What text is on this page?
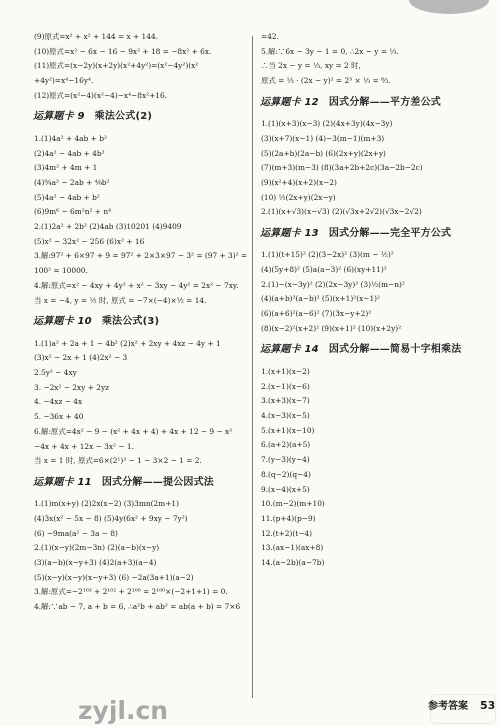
(9)原式=x² + x² + 144 = x + 144.
(10)原式=x² − 6x − 16 − 9x² + 18 = −8x² + 6x.
(11)原式=(x−2y)(x+2y)(x²+4y²)=(x²−4y²)(x²
+4y²)=x⁴−16y⁴.
(12)原式=(x²−4)(x²−4)−x⁴−8x²+16.
运算题卡 9 乘法公式(2)
1.(1)4a² + 4ab + b²
(2)4a² − 4ab + 4b²
(3)4m² + 4m + 1
(4)⁹⁄₄a² − 2ab + ⁴⁄₉b²
(5)4a² − 4ab + b²
(6)9m⁶ − 6m²n² + n⁴
2.(1)2a² + 2b² (2)4ab (3)10201 (4)9409
(5)x² − 32x² − 256 (6)x² + 16
3.解:97² + 6×97 + 9 = 97² + 2×3×97 − 3² = (97 + 3)² =
100² = 10000.
4.解:原式=x² − 4xy + 4y² + x² − 3xy − 4y² = 2x² − 7xy.
当 x = −4, y = ½ 时, 原式 = −7×(−4)×½ = 14.
运算题卡 10 乘法公式(3)
1.(1)a² + 2a + 1 − 4b² (2)x² + 2xy + 4xz − 4y + 1
(3)x² − 2x + 1 (4)2x² − 3
2.5y² − 4xy
3. −2x² − 2xy + 2yz
4. −4xz − 4x
5. −36x + 40
6.解:原式=4x² − 9 − (x² + 4x + 4) + 4x + 12 − 9 − x²
−4x + 4x + 12x − 3x² − 1.
当 x = 1 时, 原式=6×(2¹)² − 1 − 3×2 − 1 = 2.
运算题卡 11 因式分解——提公因式法
1.(1)m(x+y) (2)2x(x−2) (3)3mn(2m+1)
(4)3x(x² − 5x − 8) (5)4y(6x² + 9xy − 7y²)
(6) −9ma(a² − 3a − 8)
2.(1)(x−y)(2m−3n) (2)(a−b)(x−y)
(3)(a−b)(x−y+3) (4)2(a+3)(a−4)
(5)(x−y)(x−y)(x−y+3) (6) −2a(3a+1)(a−2)
3.解:原式=−2¹⁰³ + 2¹⁰² + 2¹⁰⁰ = 2¹⁰⁰×(−2+1+1) = 0.
4.解:∵ab − 7, a + b = 6, ∴a²b + ab² = ab(a + b) = 7×6
=42.
5.解:∵6x − 3y − 1 = 0, ∴2x − y = ⅓.
∴当 2x − y = ⅓, xy = 2 时,
原式 = ⅓ · (2x − y)² = 2³ × ⅓ = ⁸⁄₃.
运算题卡 12 因式分解——平方差公式
1.(1)(x+3)(x−3) (2)(4x+3y)(4x−3y)
(3)(x+7)(x−1) (4)−3(m−1)(m+3)
(5)(2a+b)(2a−b) (6)(2x+y)(2x+y)
(7)(m+3)(m−3) (8)(3a+2b+2c)(3a−2b−2c)
(9)(x²+4)(x+2)(x−2)
(10) ½(2x+y)(2x−y)
2.(1)(x+√3)(x−√3) (2)(√3x+2√2)(√3x−2√2)
运算题卡 13 因式分解——完全平方公式
1.(1)(t+15)² (2)(3−2x)² (3)(m − ½)²
(4)(5y+8)² (5)a(a−3)² (6)(xy+11)²
2.(1)−(x−3y)² (2)(2x−3y)² (3)½(m−n)²
(4)(a+b)²(a−b)² (5)(x+1)²(x−1)²
(6)(a+6)²(a−6)² (7)(3x−y+2)²
(8)(x−2)²(x+2)² (9)(x+1)² (10)(x+2y)²
运算题卡 14 因式分解——简易十字相乘法
1.(x+1)(x−2)
2.(x−1)(x−6)
3.(x+3)(x−7)
4.(x−3)(x−5)
5.(x+1)(x−10)
6.(a+2)(a+5)
7.(y−3)(y−4)
8.(q−2)(q−4)
9.(x−4)(x+5)
10.(m−2)(m+10)
11.(p+4)(p−9)
12.(t+2)(t−4)
13.(ax−1)(ax+8)
14.(a−2b)(a−7b)
zyjl.cn	参考答案 53
